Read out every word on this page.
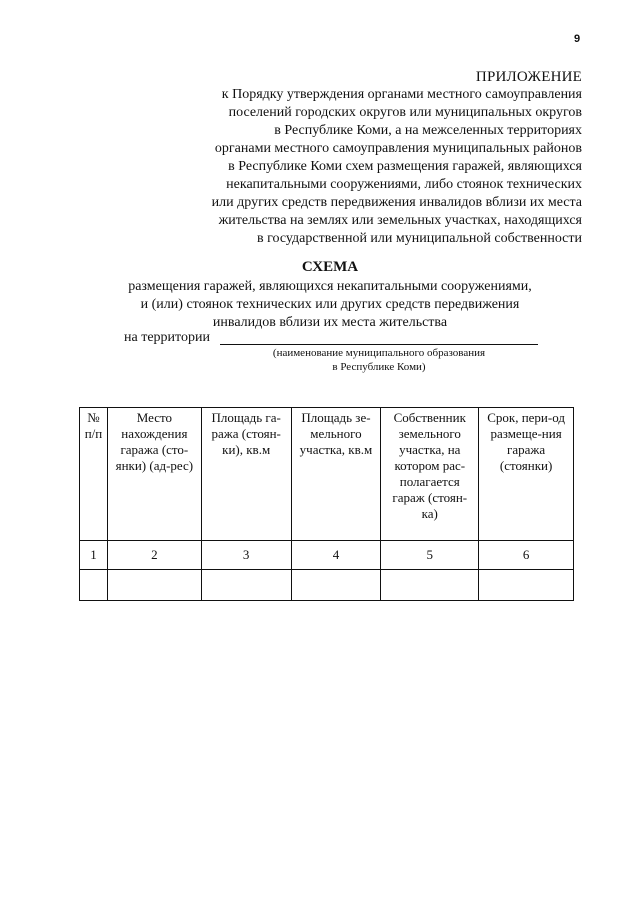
9
ПРИЛОЖЕНИЕ
к Порядку утверждения органами местного самоуправления
поселений городских округов или муниципальных округов
в Республике Коми, а на межселенных территориях
органами местного самоуправления муниципальных районов
в Республике Коми схем размещения гаражей, являющихся
некапитальными сооружениями, либо стоянок технических
или других средств передвижения инвалидов вблизи их места
жительства на землях или земельных участках, находящихся
в государственной или муниципальной собственности
СХЕМА
размещения гаражей, являющихся некапитальными сооружениями,
и (или) стоянок технических или других средств передвижения
инвалидов вблизи их места жительства
на территории
(наименование муниципального образования
в Республике Коми)
№ п/п	Место нахождения гаража (сто-янки) (ад-рес)	Площадь га-ража (стоян-ки), кв.м	Площадь зе-мельного участка, кв.м	Собственник земельного участка, на котором рас-полагается гараж (стоян-ка)	Срок, пери-од размеще-ния гаража (стоянки)
1	2	3	4	5	6
